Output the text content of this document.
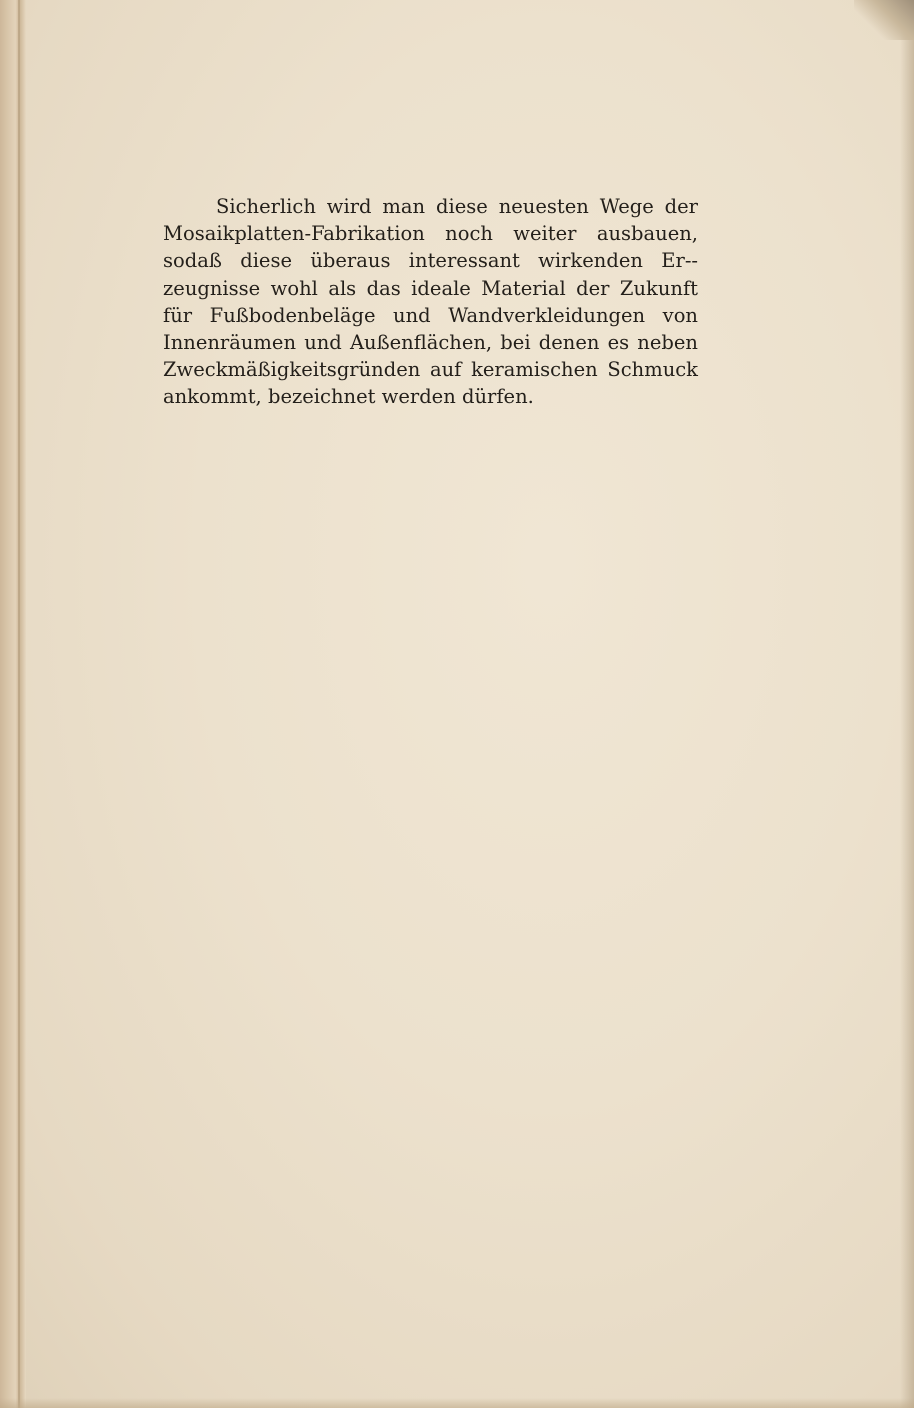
Sicherlich wird man diese neuesten Wege der Mosaikplatten-Fabrikation noch weiter ausbauen, sodaß diese überaus interessant wirkenden Er-zeugnisse wohl als das ideale Material der Zukunft für Fußbodenbeläge und Wandverkleidungen von Innenräumen und Außenflächen, bei denen es neben Zweckmäßigkeitsgründen auf keramischen Schmuck ankommt, bezeichnet werden dürfen.
